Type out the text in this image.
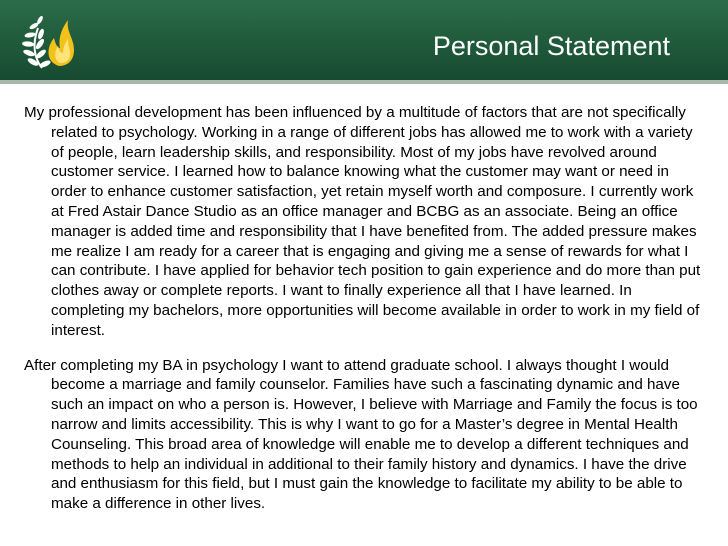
Personal Statement

My professional development has been influenced by a multitude of factors that are not specifically related to psychology. Working in a range of different jobs has allowed me to work with a variety of people, learn leadership skills, and responsibility. Most of my jobs have revolved around customer service. I learned how to balance knowing what the customer may want or need in order to enhance customer satisfaction, yet retain myself worth and composure. I currently work at Fred Astair Dance Studio as an office manager and BCBG as an associate. Being an office manager is added time and responsibility that I have benefited from. The added pressure makes me realize I am ready for a career that is engaging and giving me a sense of rewards for what I can contribute. I have applied for behavior tech position to gain experience and do more than put clothes away or complete reports. I want to finally experience all that I have learned. In completing my bachelors, more opportunities will become available in order to work in my field of interest.

After completing my BA in psychology I want to attend graduate school. I always thought I would become a marriage and family counselor. Families have such a fascinating dynamic and have such an impact on who a person is. However, I believe with Marriage and Family the focus is too narrow and limits accessibility. This is why I want to go for a Master’s degree in Mental Health Counseling. This broad area of knowledge will enable me to develop a different techniques and methods to help an individual in additional to their family history and dynamics. I have the drive and enthusiasm for this field, but I must gain the knowledge to facilitate my ability to be able to make a difference in other lives.
